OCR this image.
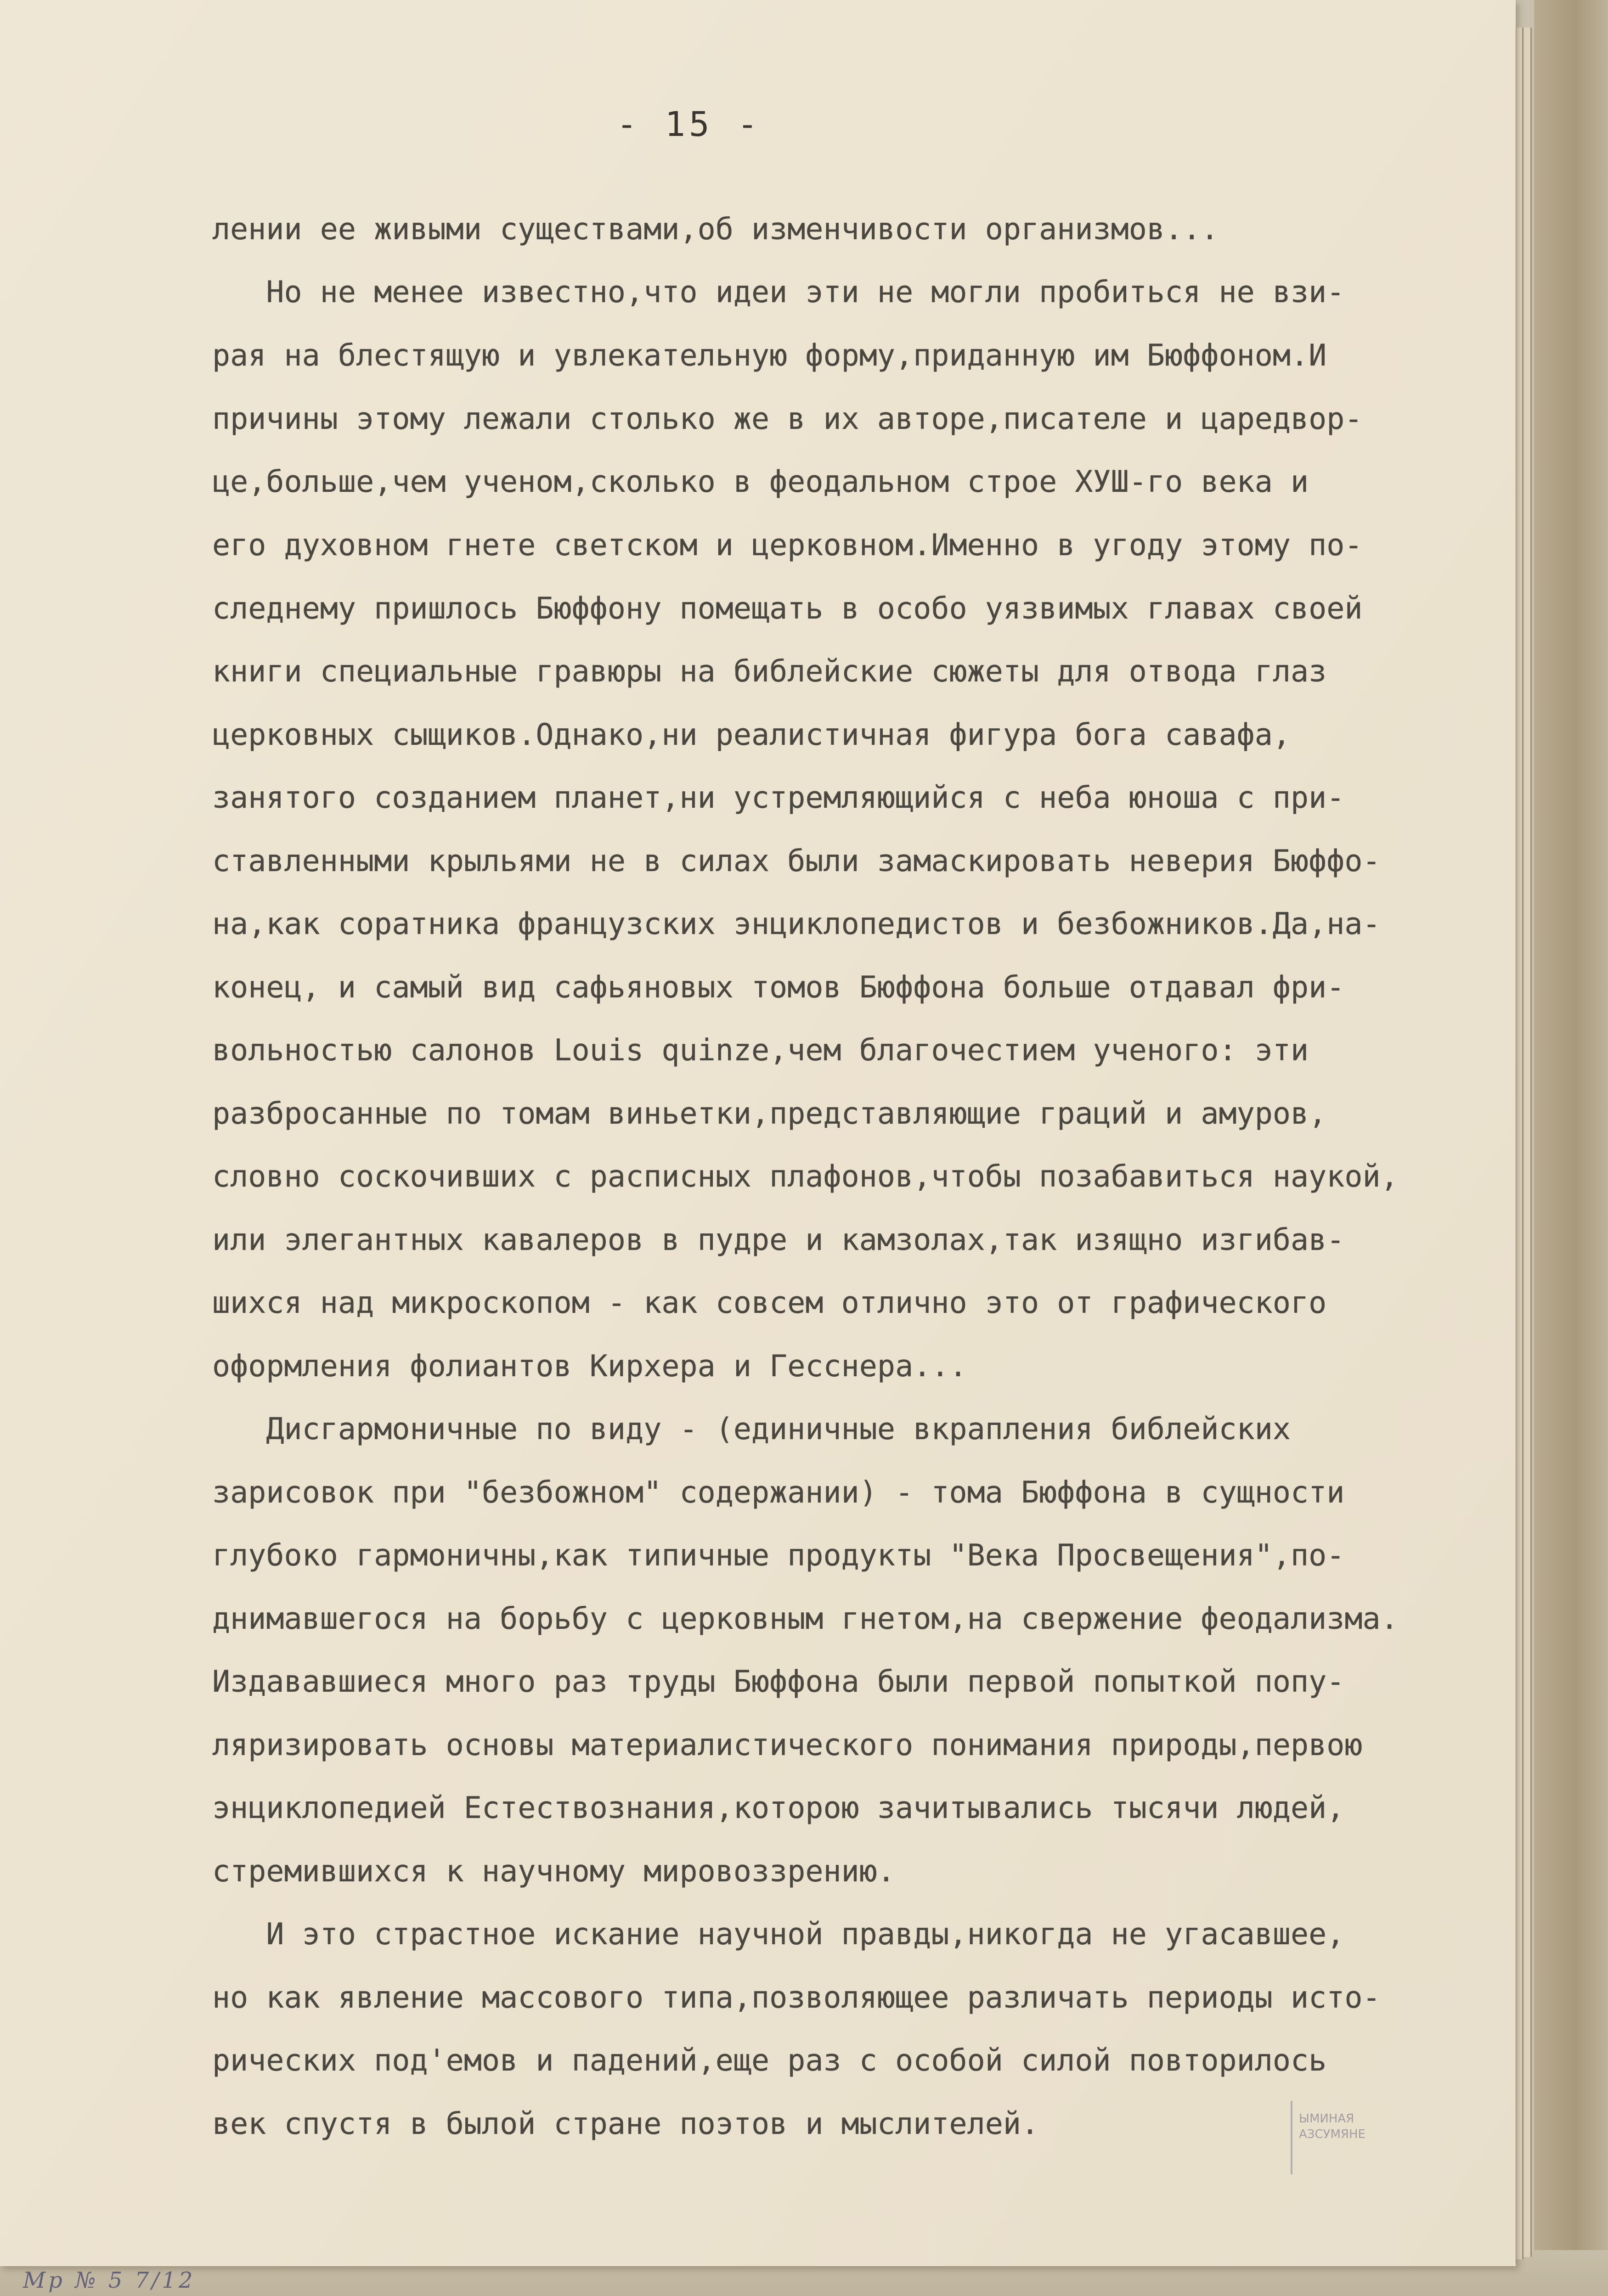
- 15 -
лении ее живыми существами,об изменчивости организмов...
Но не менее известно,что идеи эти не могли пробиться не взи-
рая на блестящую и увлекательную форму,приданную им Бюффоном.И
причины этому лежали столько же в их авторе,писателе и царедвор-
це,больше,чем ученом,сколько в феодальном строе ХУШ-го века и
его духовном гнете светском и церковном.Именно в угоду этому по-
следнему пришлось Бюффону помещать в особо уязвимых главах своей
книги специальные гравюры на библейские сюжеты для отвода глаз
церковных сыщиков.Однако,ни реалистичная фигура бога савафа,
занятого созданием планет,ни устремляющийся с неба юноша с при-
ставленными крыльями не в силах были замаскировать неверия Бюффо-
на,как соратника французских энциклопедистов и безбожников.Да,на-
конец, и самый вид сафьяновых томов Бюффона больше отдавал фри-
вольностью салонов Louis quinze,чем благочестием ученого: эти
разбросанные по томам виньетки,представляющие граций и амуров,
словно соскочивших с расписных плафонов,чтобы позабавиться наукой,
или элегантных кавалеров в пудре и камзолах,так изящно изгибав-
шихся над микроскопом - как совсем отлично это от графического
оформления фолиантов Кирхера и Гесснера...
Дисгармоничные по виду - (единичные вкрапления библейских
зарисовок при "безбожном" содержании) - тома Бюффона в сущности
глубоко гармоничны,как типичные продукты "Века Просвещения",по-
днимавшегося на борьбу с церковным гнетом,на свержение феодализма.
Издававшиеся много раз труды Бюффона были первой попыткой попу-
ляризировать основы материалистического понимания природы,первою
энциклопедией Естествознания,которою зачитывались тысячи людей,
стремившихся к научному мировоззрению.
И это страстное искание научной правды,никогда не угасавшее,
но как явление массового типа,позволяющее различать периоды исто-
рических под'емов и падений,еще раз с особой силой повторилось
век спустя в былой стране поэтов и мыслителей.	ЫМИНАЯ
АЗСУМЯНЕ
Мр № 5 7/12
